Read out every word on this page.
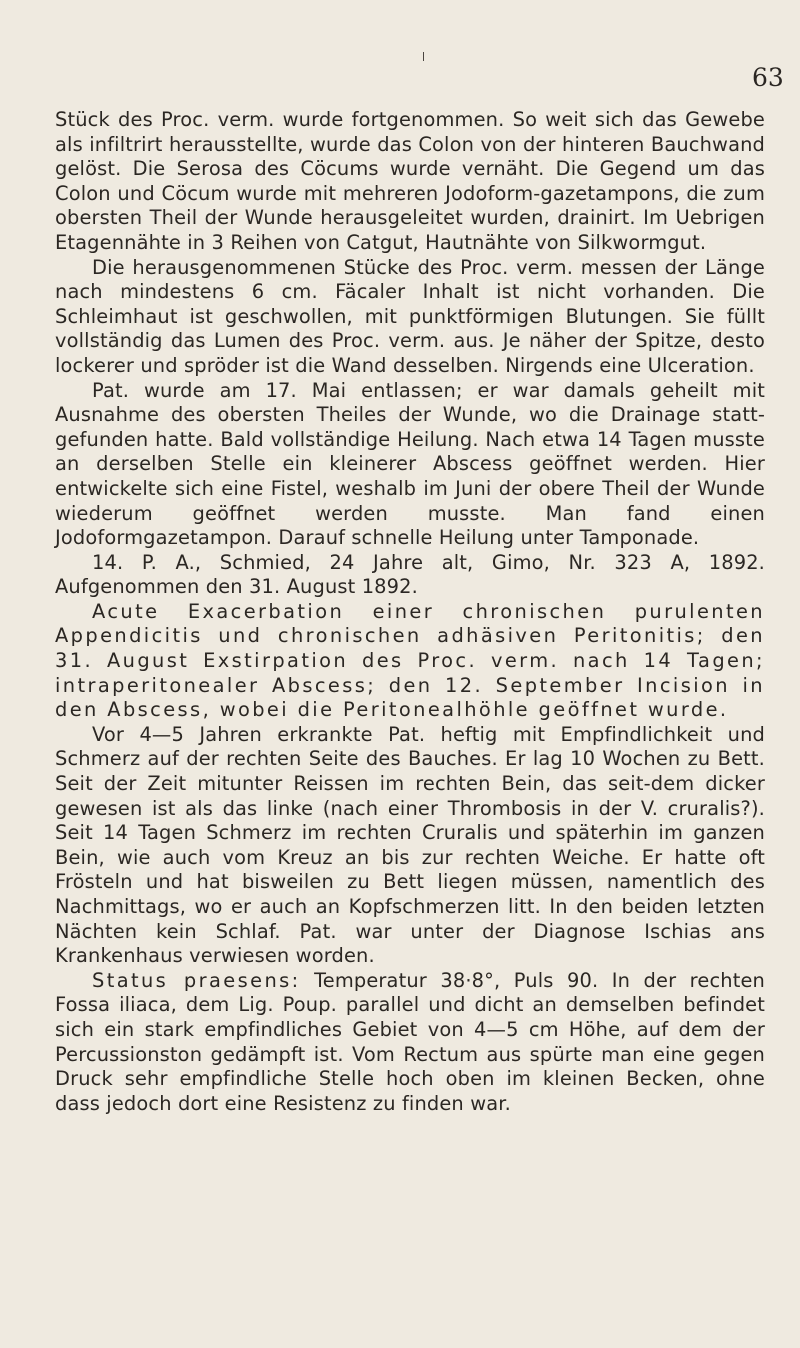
63

Stück des Proc. verm. wurde fortgenommen. So weit sich das Gewebe als infiltrirt herausstellte, wurde das Colon von der hinteren Bauchwand gelöst. Die Serosa des Cöcums wurde vernäht. Die Gegend um das Colon und Cöcum wurde mit mehreren Jodoform-gazetampons, die zum obersten Theil der Wunde herausgeleitet wurden, drainirt. Im Uebrigen Etagennähte in 3 Reihen von Catgut, Hautnähte von Silkwormgut.

Die herausgenommenen Stücke des Proc. verm. messen der Länge nach mindestens 6 cm. Fäcaler Inhalt ist nicht vorhanden. Die Schleimhaut ist geschwollen, mit punktförmigen Blutungen. Sie füllt vollständig das Lumen des Proc. verm. aus. Je näher der Spitze, desto lockerer und spröder ist die Wand desselben. Nirgends eine Ulceration.

Pat. wurde am 17. Mai entlassen; er war damals geheilt mit Ausnahme des obersten Theiles der Wunde, wo die Drainage statt-gefunden hatte. Bald vollständige Heilung. Nach etwa 14 Tagen musste an derselben Stelle ein kleinerer Abscess geöffnet werden. Hier entwickelte sich eine Fistel, weshalb im Juni der obere Theil der Wunde wiederum geöffnet werden musste. Man fand einen Jodoformgazetampon. Darauf schnelle Heilung unter Tamponade.

14. P. A., Schmied, 24 Jahre alt, Gimo, Nr. 323 A, 1892. Aufgenommen den 31. August 1892.

Acute Exacerbation einer chronischen purulenten Appendicitis und chronischen adhäsiven Peritonitis; den 31. August Exstirpation des Proc. verm. nach 14 Tagen; intraperitonealer Abscess; den 12. September Incision in den Abscess, wobei die Peritonealhöhle geöffnet wurde.

Vor 4—5 Jahren erkrankte Pat. heftig mit Empfindlichkeit und Schmerz auf der rechten Seite des Bauches. Er lag 10 Wochen zu Bett. Seit der Zeit mitunter Reissen im rechten Bein, das seit-dem dicker gewesen ist als das linke (nach einer Thrombosis in der V. cruralis?). Seit 14 Tagen Schmerz im rechten Cruralis und späterhin im ganzen Bein, wie auch vom Kreuz an bis zur rechten Weiche. Er hatte oft Frösteln und hat bisweilen zu Bett liegen müssen, namentlich des Nachmittags, wo er auch an Kopfschmerzen litt. In den beiden letzten Nächten kein Schlaf. Pat. war unter der Diagnose Ischias ans Krankenhaus verwiesen worden.

Status praesens: Temperatur 38·8°, Puls 90. In der rechten Fossa iliaca, dem Lig. Poup. parallel und dicht an demselben befindet sich ein stark empfindliches Gebiet von 4—5 cm Höhe, auf dem der Percussionston gedämpft ist. Vom Rectum aus spürte man eine gegen Druck sehr empfindliche Stelle hoch oben im kleinen Becken, ohne dass jedoch dort eine Resistenz zu finden war.
